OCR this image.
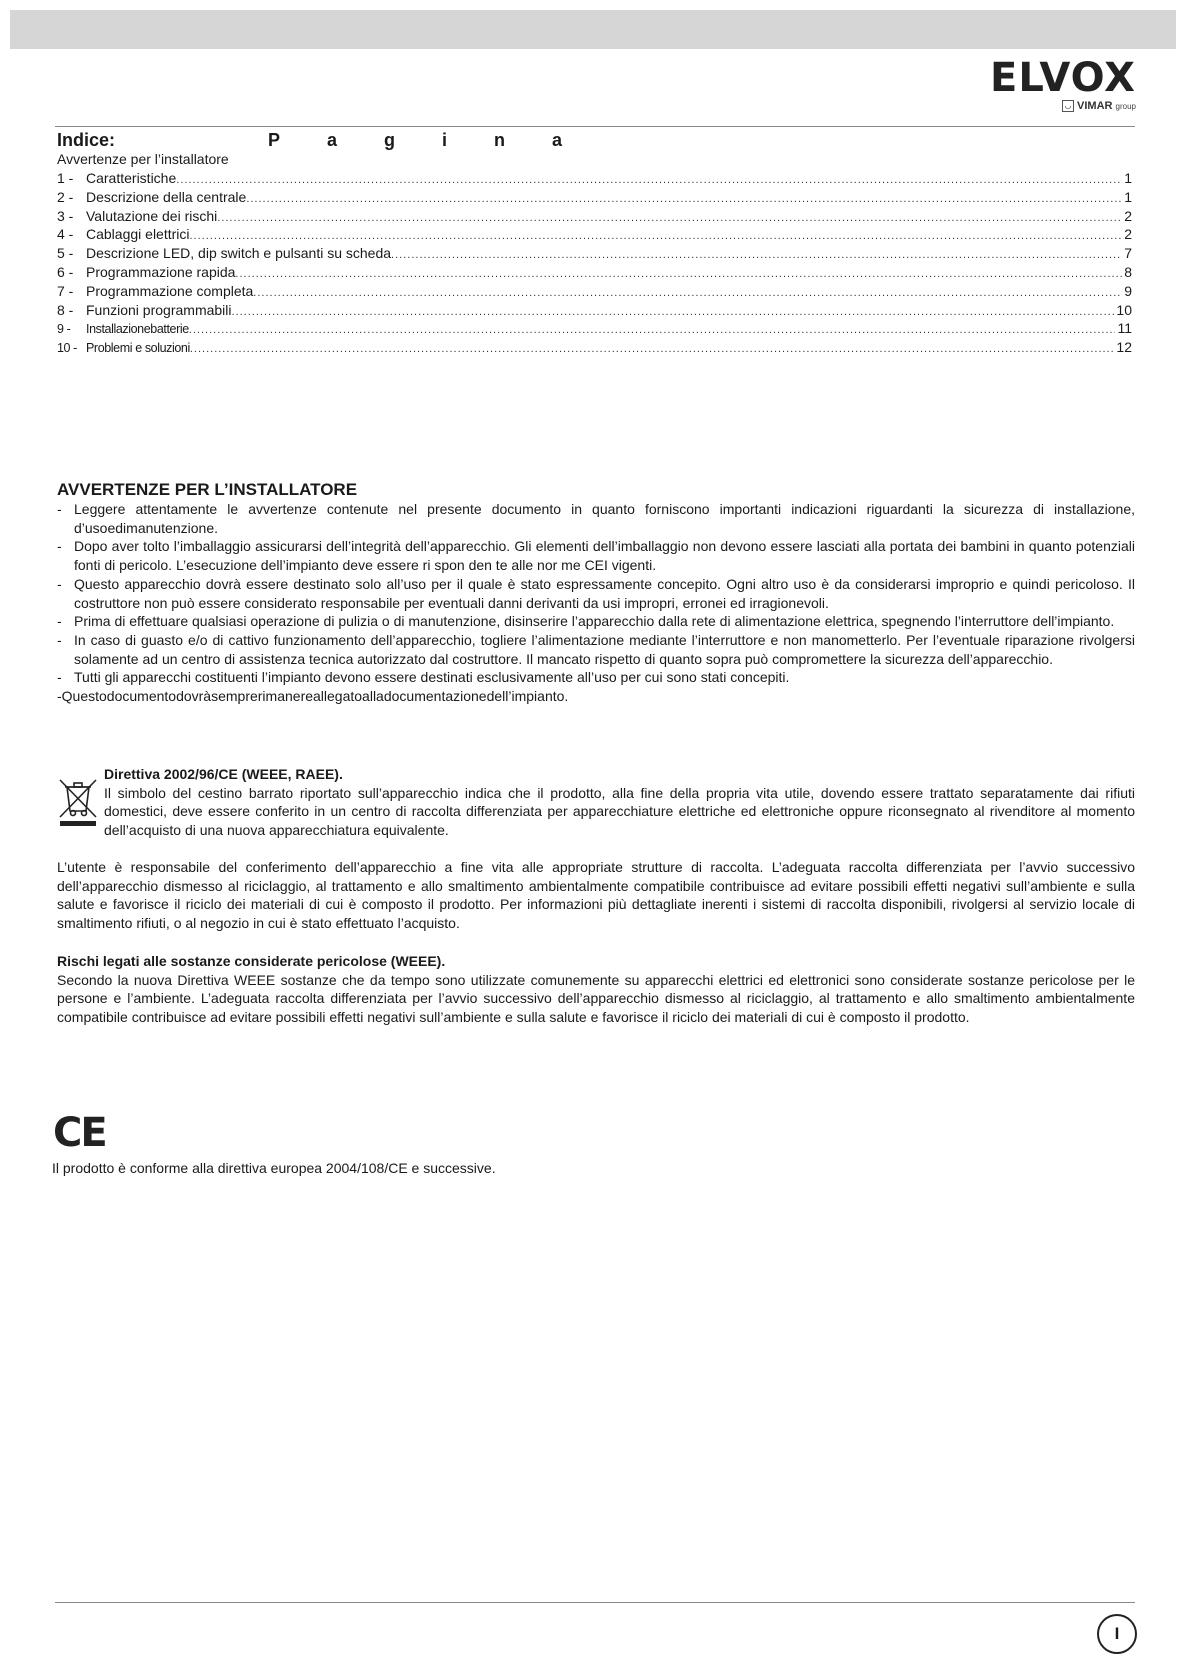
ELVOX
◡ VIMAR group
Indice:	Pagina
Avvertenze per l’installatore
1 - Caratteristiche .....	1
2 - Descrizione della centrale .....	1
3 - Valutazione dei rischi .....	2
4 - Cablaggi elettrici .....	2
5 - Descrizione LED, dip switch e pulsanti su scheda .....	7
6 - Programmazione rapida .....	8
7 - Programmazione completa .....	9
8 - Funzioni programmabili .....	10
9 -	Installazionebatterie .....	11
10 - Problemi e soluzioni .....	12
AVVERTENZE PER L’INSTALLATORE
- Leggere attentamente le avvertenze contenute nel presente documento in quanto forniscono importanti indicazioni riguardanti la sicurezza di installazione, d’usoedimanutenzione.
- Dopo aver tolto l’imballaggio assicurarsi dell’integrità dell’apparecchio. Gli elementi dell’imballaggio non devono essere lasciati alla portata dei bambini in quanto potenziali fonti di pericolo. L’esecuzione dell’impianto deve essere ri spon den te alle nor me CEI vigenti.
- Questo apparecchio dovrà essere destinato solo all’uso per il quale è stato espressamente concepito. Ogni altro uso è da considerarsi improprio e quindi pericoloso. Il costruttore non può essere considerato responsabile per eventuali danni derivanti da usi impropri, erronei ed irragionevoli.
- Prima di effettuare qualsiasi operazione di pulizia o di manutenzione, disinserire l’apparecchio dalla rete di alimentazione elettrica, spegnendo l’interruttore dell’impianto.
- In caso di guasto e/o di cattivo funzionamento dell’apparecchio, togliere l’alimentazione mediante l’interruttore e non manometterlo. Per l’eventuale riparazione rivolgersi solamente ad un centro di assistenza tecnica autorizzato dal costruttore. Il mancato rispetto di quanto sopra può compromettere la sicurezza dell’apparecchio.
- Tutti gli apparecchi costituenti l’impianto devono essere destinati esclusivamente all’uso per cui sono stati concepiti.

-Questodocumentodovràsemprerimanereallegatoalladocumentazionedell’impianto.

Direttiva 2002/96/CE (WEEE, RAEE).
Il simbolo del cestino barrato riportato sull’apparecchio indica che il prodotto, alla fine della propria vita utile, dovendo essere trattato separatamente dai rifiuti domestici, deve essere conferito in un centro di raccolta differenziata per apparecchiature elettriche ed elettroniche oppure riconsegnato al rivenditore al momento dell’acquisto di una nuova apparecchiatura equivalente.

L’utente è responsabile del conferimento dell’apparecchio a fine vita alle appropriate strutture di raccolta. L’adeguata raccolta differenziata per l’avvio successivo dell’apparecchio dismesso al riciclaggio, al trattamento e allo smaltimento ambientalmente compatibile contribuisce ad evitare possibili effetti negativi sull’ambiente e sulla salute e favorisce il riciclo dei materiali di cui è composto il prodotto. Per informazioni più dettagliate inerenti i sistemi di raccolta disponibili, rivolgersi al servizio locale di smaltimento rifiuti, o al negozio in cui è stato effettuato l’acquisto.

Rischi legati alle sostanze considerate pericolose (WEEE).
Secondo la nuova Direttiva WEEE sostanze che da tempo sono utilizzate comunemente su apparecchi elettrici ed elettronici sono considerate sostanze pericolose per le persone e l’ambiente. L’adeguata raccolta differenziata per l’avvio successivo dell’apparecchio dismesso al riciclaggio, al trattamento e allo smaltimento ambientalmente compatibile contribuisce ad evitare possibili effetti negativi sull’ambiente e sulla salute e favorisce il riciclo dei materiali di cui è composto il prodotto.
CE
Il prodotto è conforme alla direttiva europea 2004/108/CE e successive.
I
